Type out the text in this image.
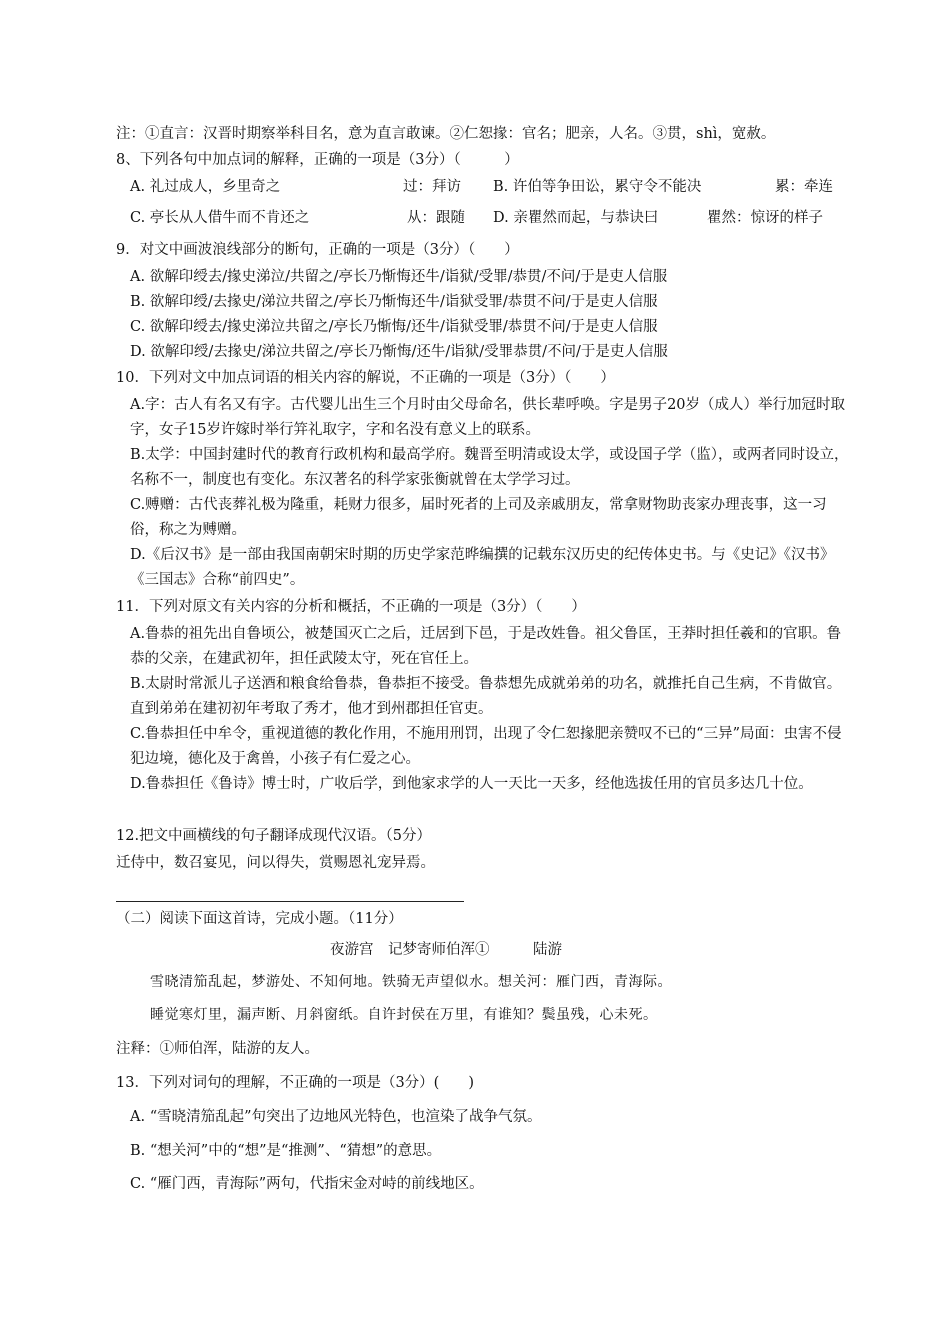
注：①直言：汉晋时期察举科目名，意为直言敢谏。②仁恕掾：官名；肥亲，人名。③贯，shì，宽赦。
8、下列各句中加点词的解释，正确的一项是（3分）（　　　）
A. 礼过成人，乡里奇之	过：拜访 B. 许伯等争田讼，累守令不能决	累：牵连
C. 亭长从人借牛而不肯还之	从：跟随 D. 亲瞿然而起，与恭诀曰	瞿然：惊讶的样子
9．对文中画波浪线部分的断句，正确的一项是（3分）（　　）
A. 欲解印绶去/掾史涕泣/共留之/亭长乃惭悔还牛/诣狱/受罪/恭贯/不问/于是吏人信服
B. 欲解印绶/去掾史/涕泣共留之/亭长乃惭悔还牛/诣狱受罪/恭贯不问/于是吏人信服
C. 欲解印绶去/掾史涕泣共留之/亭长乃惭悔/还牛/诣狱受罪/恭贯不问/于是吏人信服
D. 欲解印绶/去掾史/涕泣共留之/亭长乃惭悔/还牛/诣狱/受罪恭贯/不问/于是吏人信服
10．下列对文中加点词语的相关内容的解说，不正确的一项是（3分）（　　）
A.字：古人有名又有字。古代婴儿出生三个月时由父母命名，供长辈呼唤。字是男子20岁（成人）举行加冠时取字，女子15岁许嫁时举行笄礼取字，字和名没有意义上的联系。
B.太学：中国封建时代的教育行政机构和最高学府。魏晋至明清或设太学，或设国子学（监），或两者同时设立，名称不一，制度也有变化。东汉著名的科学家张衡就曾在太学学习过。
C.赙赠：古代丧葬礼极为隆重，耗财力很多，届时死者的上司及亲戚朋友，常拿财物助丧家办理丧事，这一习俗，称之为赙赠。
D.《后汉书》是一部由我国南朝宋时期的历史学家范晔编撰的记载东汉历史的纪传体史书。与《史记》《汉书》《三国志》合称“前四史”。
11．下列对原文有关内容的分析和概括，不正确的一项是（3分）（　　）
A.鲁恭的祖先出自鲁顷公，被楚国灭亡之后，迁居到下邑，于是改姓鲁。祖父鲁匡，王莽时担任羲和的官职。鲁恭的父亲，在建武初年，担任武陵太守，死在官任上。
B.太尉时常派儿子送酒和粮食给鲁恭，鲁恭拒不接受。鲁恭想先成就弟弟的功名，就推托自己生病，不肯做官。直到弟弟在建初初年考取了秀才，他才到州郡担任官吏。
C.鲁恭担任中牟令，重视道德的教化作用，不施用刑罚，出现了令仁恕掾肥亲赞叹不已的“三异”局面：虫害不侵犯边境，德化及于禽兽，小孩子有仁爱之心。
D.鲁恭担任《鲁诗》博士时，广收后学，到他家求学的人一天比一天多，经他选拔任用的官员多达几十位。
12.把文中画横线的句子翻译成现代汉语。（5分）
迁侍中，数召宴见，问以得失，赏赐恩礼宠异焉。
（二）阅读下面这首诗，完成小题。（11分）
夜游宫　记梦寄师伯浑①　　　陆游
雪晓清笳乱起，梦游处、不知何地。铁骑无声望似水。想关河：雁门西，青海际。
睡觉寒灯里，漏声断、月斜窗纸。自许封侯在万里，有谁知？鬓虽残，心未死。
注释：①师伯浑，陆游的友人。
13．下列对词句的理解，不正确的一项是（3分）(　　)
A. “雪晓清笳乱起”句突出了边地风光特色，也渲染了战争气氛。
B. “想关河”中的“想”是“推测”、“猜想”的意思。
C. “雁门西，青海际”两句，代指宋金对峙的前线地区。
